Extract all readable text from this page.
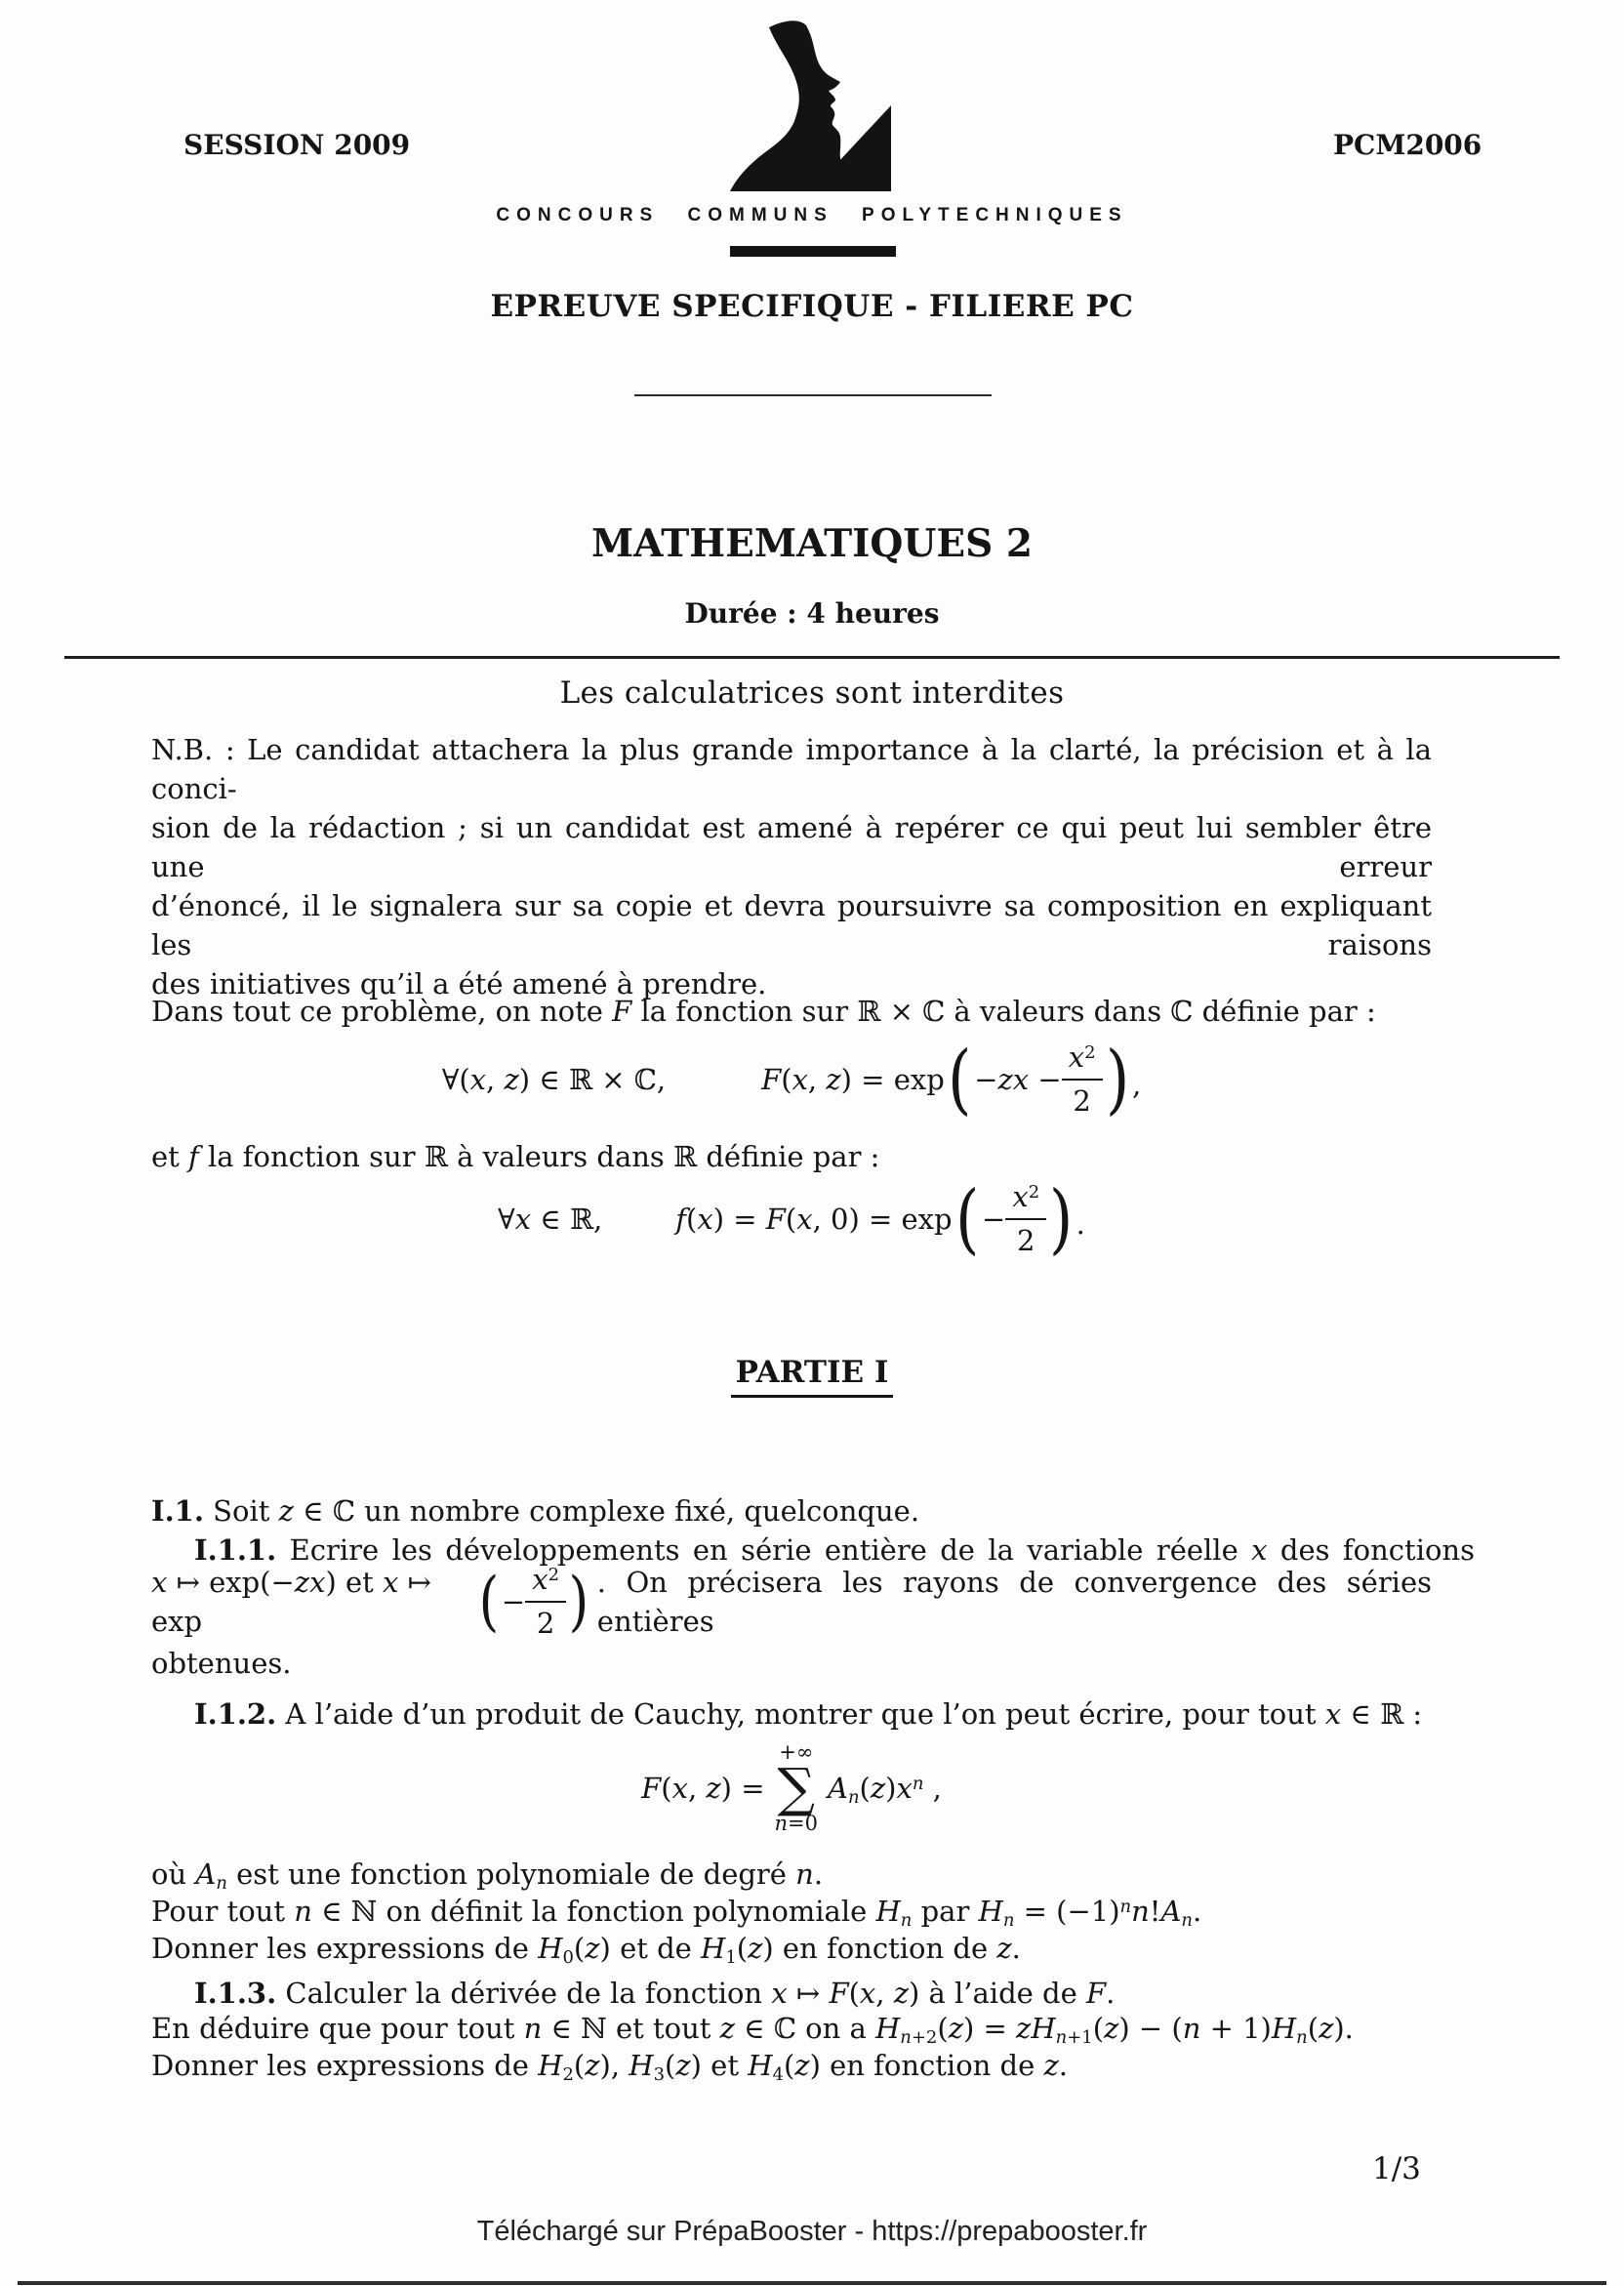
SESSION 2009	PCM2006
CONCOURS COMMUNS POLYTECHNIQUES
EPREUVE SPECIFIQUE - FILIERE PC
MATHEMATIQUES 2
Durée : 4 heures
Les calculatrices sont interdites
N.B. : Le candidat attachera la plus grande importance à la clarté, la précision et à la conci-
sion de la rédaction ; si un candidat est amené à repérer ce qui peut lui sembler être une erreur
d’énoncé, il le signalera sur sa copie et devra poursuivre sa composition en expliquant les raisons
des initiatives qu’il a été amené à prendre.
Dans tout ce problème, on note F la fonction sur ℝ × ℂ à valeurs dans ℂ définie par :
∀(x, z) ∈ ℝ × ℂ,	F(x, z) = exp ( $-zx - \frac{x^2}{2}$ ) ,
et f la fonction sur ℝ à valeurs dans ℝ définie par :
∀x ∈ ℝ,	f(x) = F(x, 0) = exp ( − $\frac{x^2}{2}$ ) .
PARTIE I
I.1. Soit z ∈ ℂ un nombre complexe fixé, quelconque.
I.1.1. Ecrire les développements en série entière de la variable réelle x des fonctions
x ↦ exp(−zx) et x ↦ exp	( − $\frac{x^2}{2}$ ) . On précisera les rayons de convergence des séries entières
obtenues.
I.1.2. A l’aide d’un produit de Cauchy, montrer que l’on peut écrire, pour tout x ∈ ℝ :
F(x, z) =
+∞
∑
n=0
$A_n(z)x^n$ ,
où $A_n$ est une fonction polynomiale de degré n.
Pour tout n ∈ ℕ on définit la fonction polynomiale $H_n$ par $H_n = (-1)^nn!A_n$.
Donner les expressions de $H_0(z)$ et de $H_1(z)$ en fonction de z.
I.1.3. Calculer la dérivée de la fonction x ↦ F(x, z) à l’aide de F.
En déduire que pour tout n ∈ ℕ et tout z ∈ ℂ on a $H_{n+2}(z) = zH_{n+1}(z) - (n + 1)H_n(z)$.
Donner les expressions de $H_2(z)$, $H_3(z)$ et $H_4(z)$ en fonction de z.
1/3
Téléchargé sur PrépaBooster - https://prepabooster.fr
